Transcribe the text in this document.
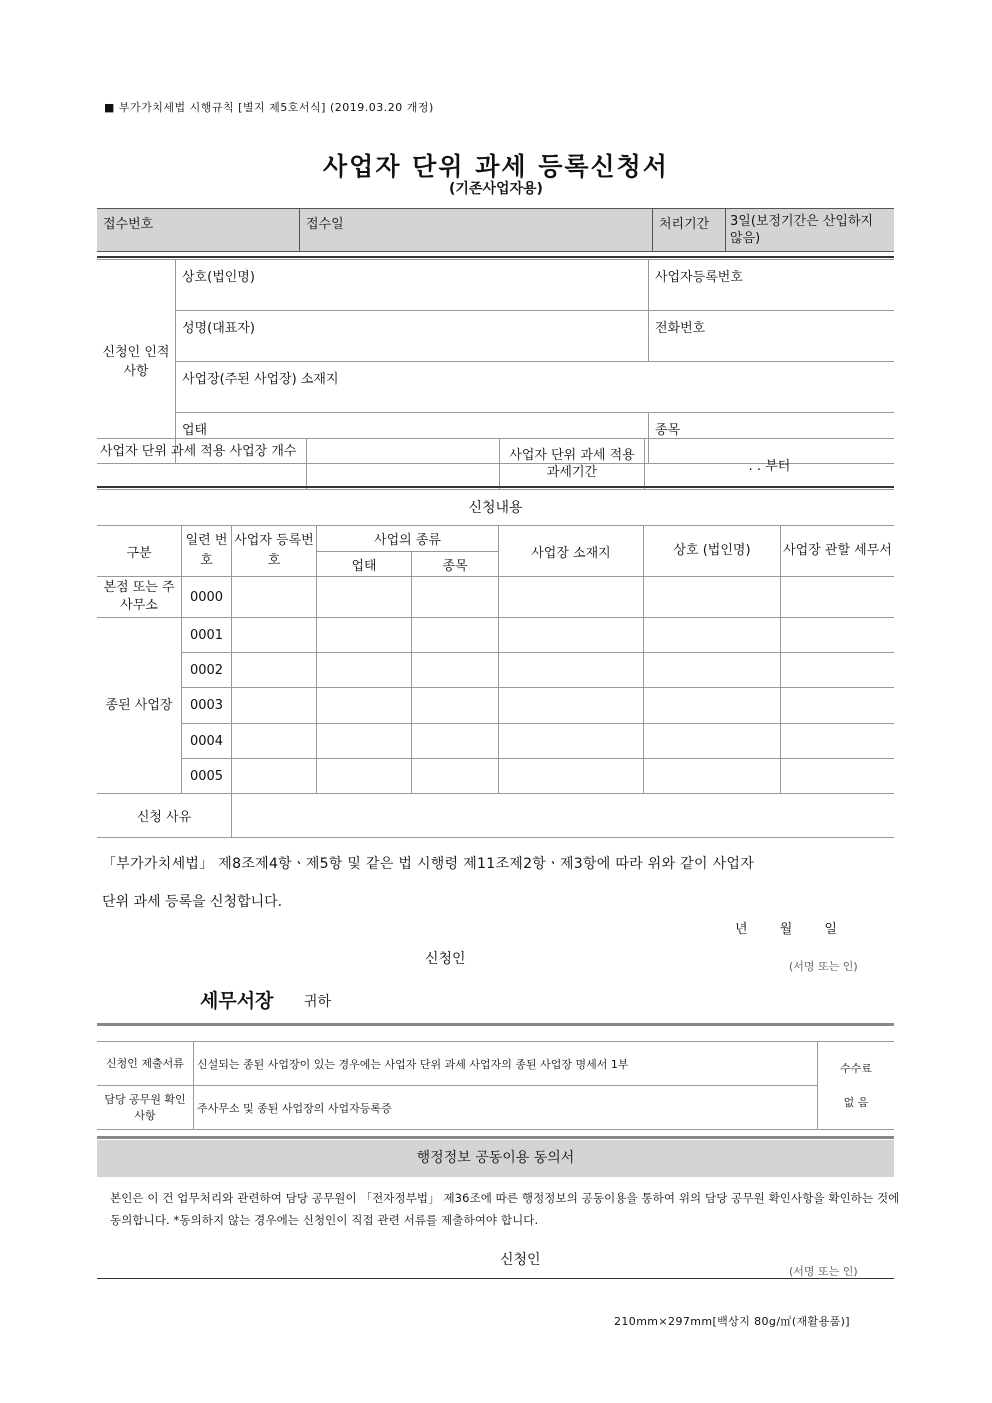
■ 부가가치세법 시행규칙 [별지 제5호서식] (2019.03.20 개정)
사업자 단위 과세 등록신청서
(기존사업자용)
접수번호	접수일	처리기간	3일(보정기간은 산입하지 않음)
신청인 인적사항	상호(법인명)	사업자등록번호
	성명(대표자)	전화번호
	사업장(주된 사업장) 소재지	
	업태	종목
사업자 단위 과세 적용 사업장 개수		사업자 단위 과세 적용 과세기간	. . 부터
신청내용
구분	일련 번호	사업자 등록번호	사업의 종류		사업장 소재지	상호 (법인명)	사업장 관할 세무서
			업태	종목			
본점 또는 주사무소	0000						
종된 사업장	0001						
	0002						
	0003						
	0004						
	0005						
신청 사유							
「부가가치세법」 제8조제4항ㆍ제5항 및 같은 법 시행령 제11조제2항ㆍ제3항에 따라 위와 같이 사업자
단위 과세 등록을 신청합니다.
년 월 일
신청인	(서명 또는 인)
세무서장 귀하
신청인 제출서류	신설되는 종된 사업장이 있는 경우에는 사업자 단위 과세 사업자의 종된 사업장 명세서 1부	수수료
없 음

담당 공무원 확인사항	주사무소 및 종된 사업장의 사업자등록증	
행정정보 공동이용 동의서
본인은 이 건 업무처리와 관련하여 담당 공무원이 「전자정부법」 제36조에 따른 행정정보의 공동이용을 통하여 위의 담당 공무원 확인사항을 확인하는 것에 동의합니다. *동의하지 않는 경우에는 신청인이 직접 관련 서류를 제출하여야 합니다.
신청인
(서명 또는 인)
210mm×297mm[백상지 80g/㎡(재활용품)]
